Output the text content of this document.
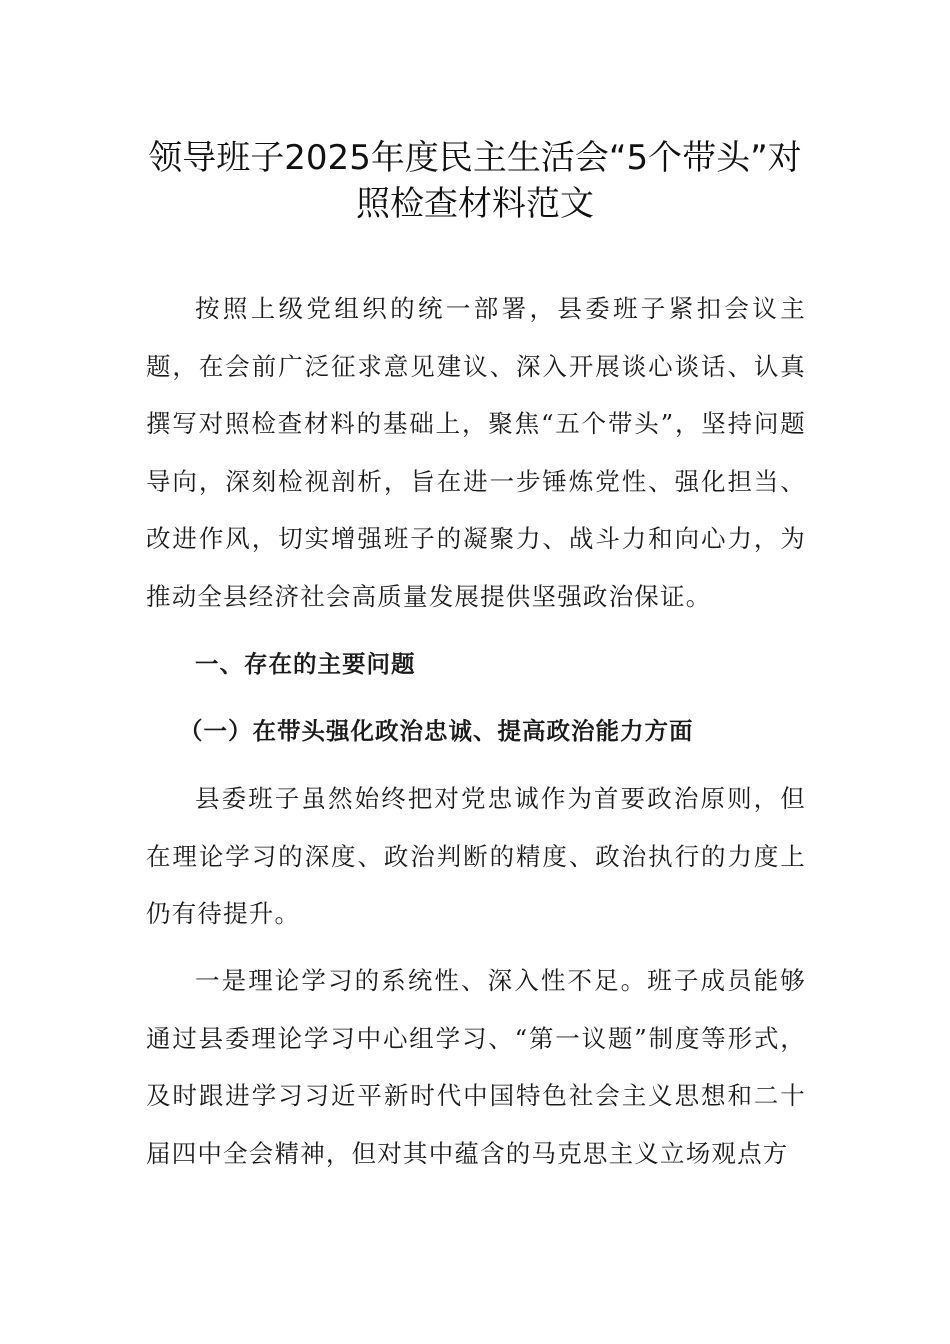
领导班子2025年度民主生活会“5个带头”对
照检查材料范文

按照上级党组织的统一部署，县委班子紧扣会议主题，在会前广泛征求意见建议、深入开展谈心谈话、认真撰写对照检查材料的基础上，聚焦“五个带头”，坚持问题导向，深刻检视剖析，旨在进一步锤炼党性、强化担当、改进作风，切实增强班子的凝聚力、战斗力和向心力，为推动全县经济社会高质量发展提供坚强政治保证。

一、存在的主要问题

（一）在带头强化政治忠诚、提高政治能力方面

县委班子虽然始终把对党忠诚作为首要政治原则，但在理论学习的深度、政治判断的精度、政治执行的力度上仍有待提升。

一是理论学习的系统性、深入性不足。班子成员能够通过县委理论学习中心组学习、“第一议题”制度等形式，及时跟进学习习近平新时代中国特色社会主义思想和二十届四中全会精神，但对其中蕴含的马克思主义立场观点方
